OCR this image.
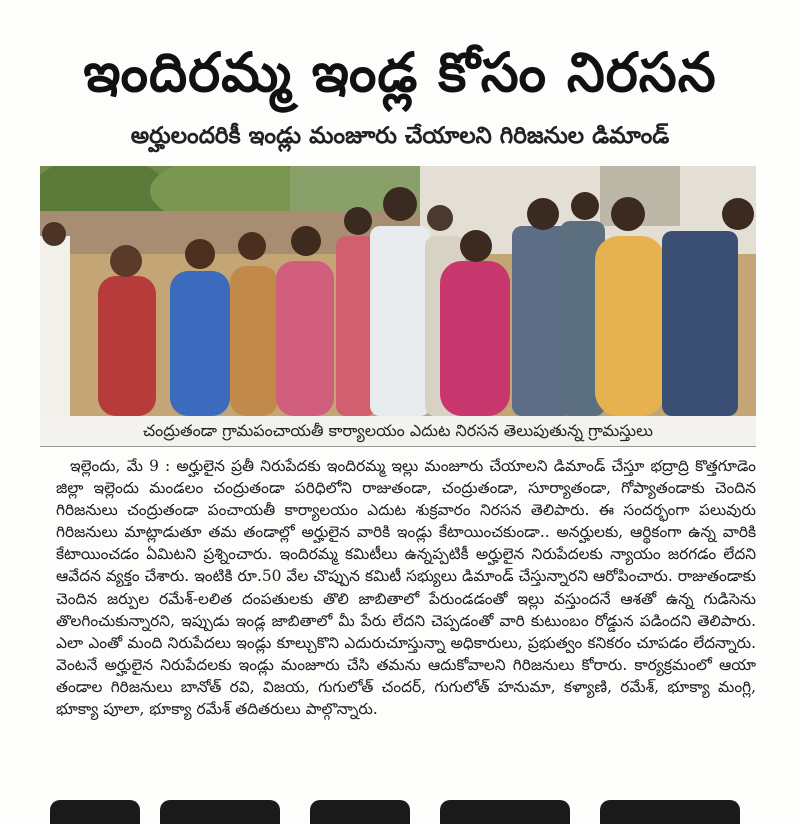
ఇందిరమ్మ ఇండ్ల కోసం నిరసన
అర్హులందరికీ ఇండ్లు మంజూరు చేయాలని గిరిజనుల డిమాండ్
చంద్రుతండా గ్రామపంచాయతీ కార్యాలయం ఎదుట నిరసన తెలుపుతున్న గ్రామస్తులు

ఇల్లెందు, మే 9 : అర్హులైన ప్రతీ నిరుపేదకు ఇందిరమ్మ ఇల్లు మంజూరు చేయాలని డిమాండ్ చేస్తూ భద్రాద్రి కొత్తగూడెం జిల్లా ఇల్లెందు మండలం చంద్రుతండా పరిధిలోని రాజుతండా, చంద్రుతండా, సూర్యాతండా, గోప్యాతండాకు చెందిన గిరిజనులు చంద్రుతండా పంచాయతీ కార్యాలయం ఎదుట శుక్రవారం నిరసన తెలిపారు. ఈ సందర్భంగా పలువురు గిరిజనులు మాట్లాడుతూ తమ తండాల్లో అర్హులైన వారికి ఇండ్లు కేటాయించకుండా.. అనర్హులకు, ఆర్థికంగా ఉన్న వారికి కేటాయించడం ఏమిటని ప్రశ్నించారు. ఇందిరమ్మ కమిటీలు ఉన్నప్పటికీ అర్హులైన నిరుపేదలకు న్యాయం జరగడం లేదని ఆవేదన వ్యక్తం చేశారు. ఇంటికి రూ.50 వేల చొప్పున కమిటీ సభ్యులు డిమాండ్ చేస్తున్నారని ఆరోపించారు. రాజుతండాకు చెందిన జర్పుల రమేశ్-లలిత దంపతులకు తొలి జాబితాలో పేరుండడంతో ఇల్లు వస్తుందనే ఆశతో ఉన్న గుడిసెను తొలగించుకున్నారని, ఇప్పుడు ఇండ్ల జాబితాలో మీ పేరు లేదని చెప్పడంతో వారి కుటుంబం రోడ్డున పడిందని తెలిపారు. ఎలా ఎంతో మంది నిరుపేదలు ఇండ్లు కూల్చుకొని ఎదురుచూస్తున్నా అధికారులు, ప్రభుత్వం కనికరం చూపడం లేదన్నారు. వెంటనే అర్హులైన నిరుపేదలకు ఇండ్లు మంజూరు చేసి తమను ఆదుకోవాలని గిరిజనులు కోరారు. కార్యక్రమంలో ఆయా తండాల గిరిజనులు బానోత్ రవి, విజయ, గుగులోత్ చందర్, గుగులోత్ హనుమా, కళ్యాణి, రమేశ్, భూక్యా మంగ్లి, భూక్యా పూలా, భూక్యా రమేశ్ తదితరులు పాల్గొన్నారు.
